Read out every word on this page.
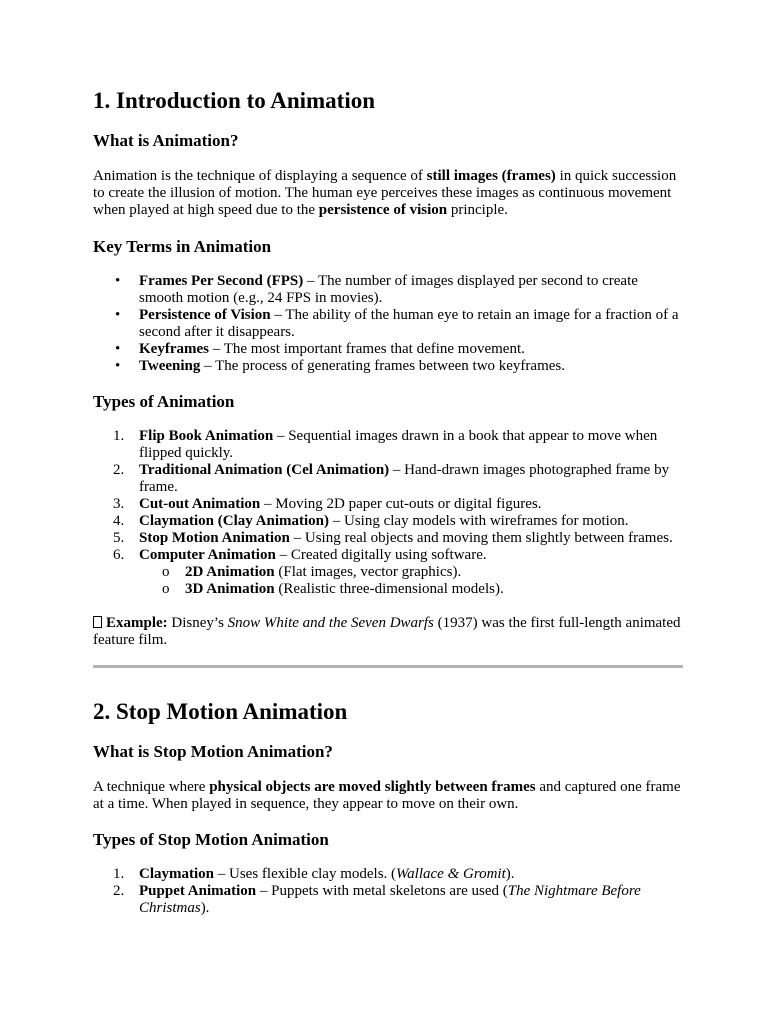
1. Introduction to Animation
What is Animation?

Animation is the technique of displaying a sequence of still images (frames) in quick succession to create the illusion of motion. The human eye perceives these images as continuous movement when played at high speed due to the persistence of vision principle.

Key Terms in Animation
• Frames Per Second (FPS) – The number of images displayed per second to create smooth motion (e.g., 24 FPS in movies).
• Persistence of Vision – The ability of the human eye to retain an image for a fraction of a second after it disappears.
• Keyframes – The most important frames that define movement.
• Tweening – The process of generating frames between two keyframes.
Types of Animation
1. Flip Book Animation – Sequential images drawn in a book that appear to move when flipped quickly.
2. Traditional Animation (Cel Animation) – Hand-drawn images photographed frame by frame.
3. Cut-out Animation – Moving 2D paper cut-outs or digital figures.
4. Claymation (Clay Animation) – Using clay models with wireframes for motion.
5. Stop Motion Animation – Using real objects and moving them slightly between frames.
6. Computer Animation – Created digitally using software.
o 2D Animation (Flat images, vector graphics).
o 3D Animation (Realistic three-dimensional models).

Example: Disney’s Snow White and the Seven Dwarfs (1937) was the first full-length animated feature film.

2. Stop Motion Animation
What is Stop Motion Animation?

A technique where physical objects are moved slightly between frames and captured one frame at a time. When played in sequence, they appear to move on their own.

Types of Stop Motion Animation
1. Claymation – Uses flexible clay models. (Wallace & Gromit).
2. Puppet Animation – Puppets with metal skeletons are used (The Nightmare Before Christmas).
